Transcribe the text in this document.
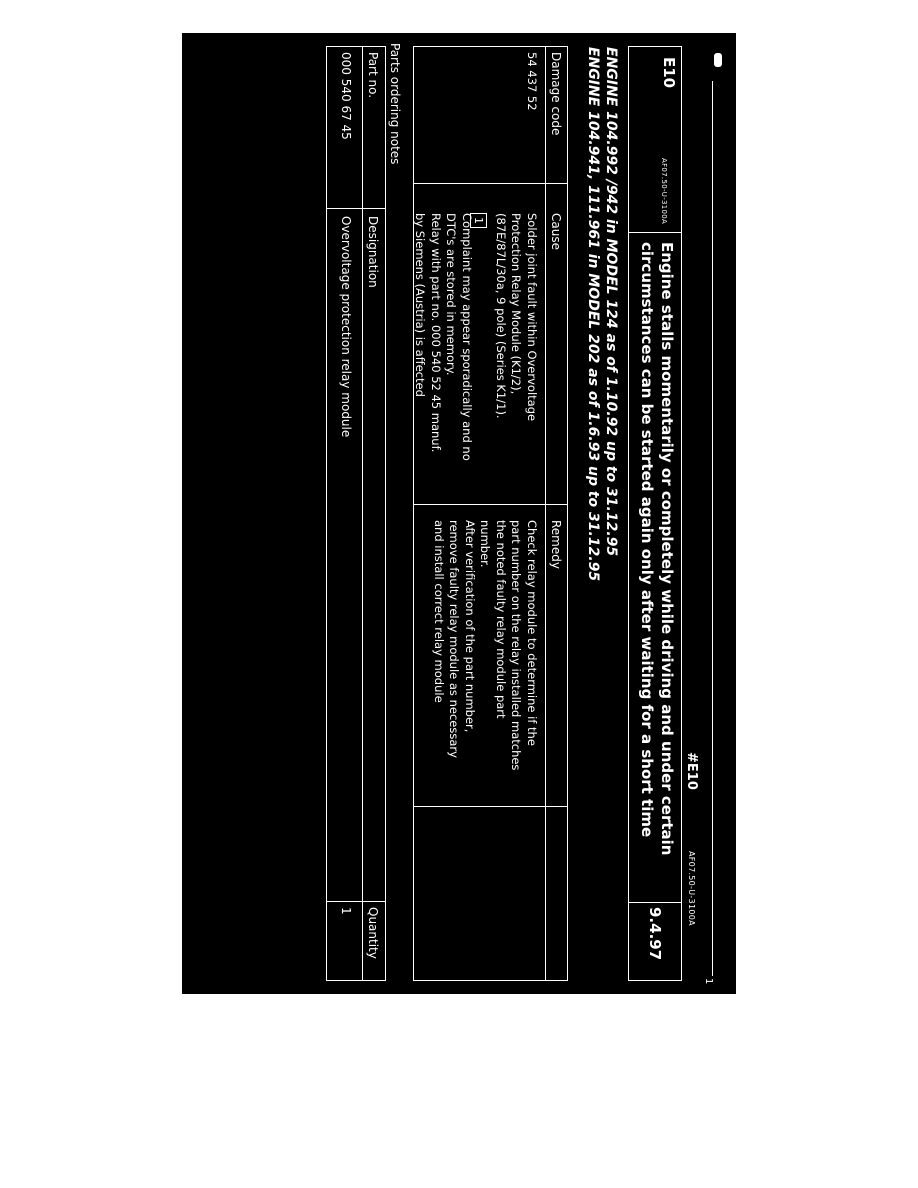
#E10
AF07.50-U-3100A
1
E10
AF07.50-U-3100A
Engine stalls momentarily or completely while driving and under certain circumstances can be started again only after waiting for a short time
9.4.97
ENGINE 104.992 /942 in MODEL 124 as of 1.10.92 up to 31.12.95
ENGINE 104.941, 111.961 in MODEL 202 as of 1.6.93 up to 31.12.95
Damage code
Cause
Remedy
54 437 52
Solder joint fault within Overvoltage
Protection Relay Module (K1/2),
(87E/87L/30a, 9 pole) (Series K1/1).
1
Complaint may appear sporadically and no
DTC's are stored in memory.
Relay with part no. 000 540 52 45 manuf.
by Siemens (Austria) is affected
Check relay module to determine if the
part number on the relay installed matches
the noted faulty relay module part
number.
After verification of the part number,
remove faulty relay module as necessary
and install correct relay module
Parts ordering notes
Part no.
Designation
Quantity
000 540 67 45
Overvoltage protection relay module
1
